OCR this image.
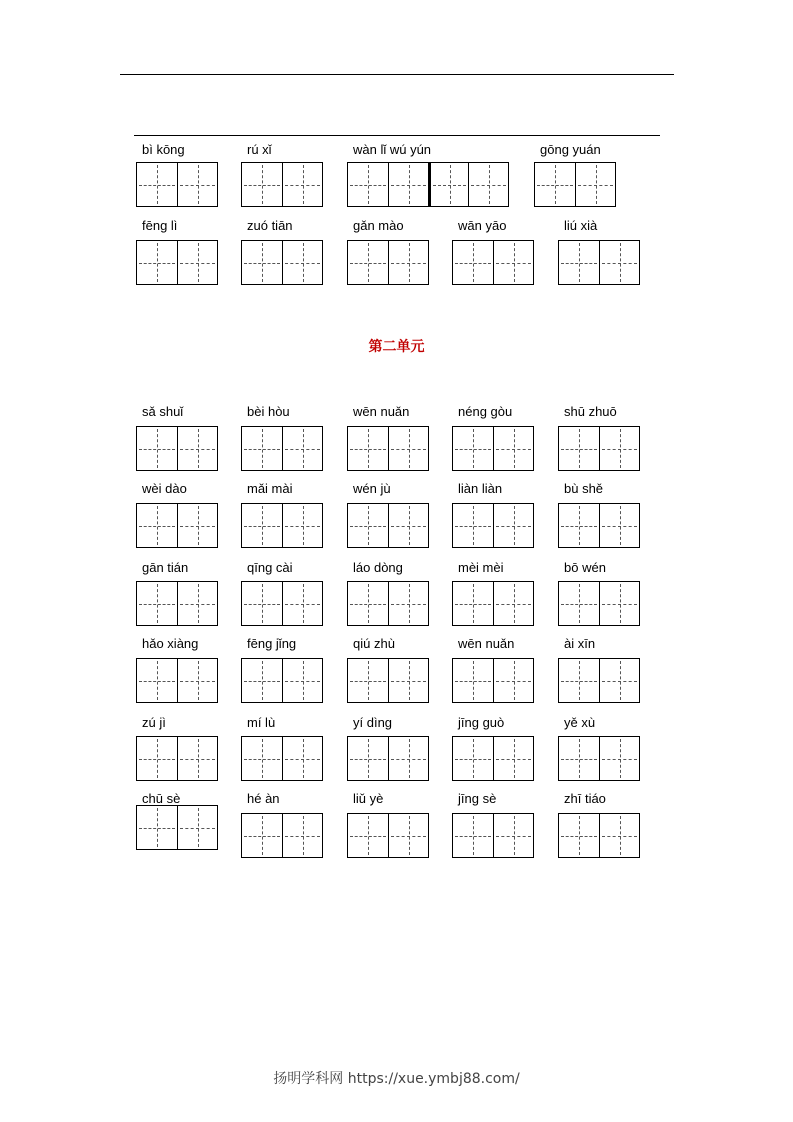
bì kōng	rú xǐ	wàn lǐ wú yún	gōng yuán
fēng lì	zuó tiān	gǎn mào	wān yāo	liú xià
sǎ shuǐ	bèi hòu	wēn nuǎn	néng gòu	shū zhuō
wèi dào	mǎi mài	wén jù	liàn liàn	bù shě
gān tián	qīng cài	láo dòng	mèi mèi	bō wén
hǎo xiàng	fēng jǐng	qiú zhù	wēn nuǎn	ài xīn
zú jì	mí lù	yí dìng	jīng guò	yě xù
chū sè	hé àn	liǔ yè	jīng sè	zhī tiáo
第二单元
扬明学科网 https://xue.ymbj88.com/
